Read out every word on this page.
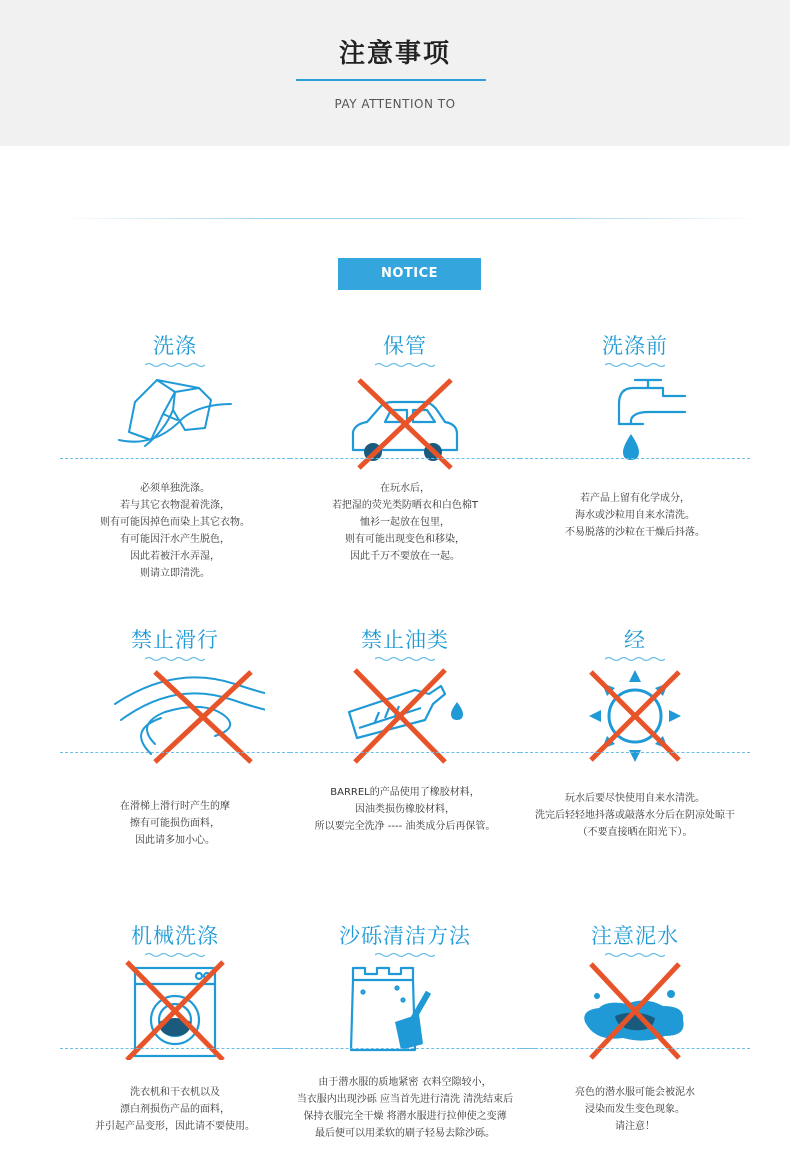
注意事项
PAY ATTENTION TO
NOTICE
洗涤
必须单独洗涤。
若与其它衣物混着洗涤，
则有可能因掉色而染上其它衣物。
有可能因汗水产生脱色，
因此若被汗水弄湿，
则请立即清洗。
保管
在玩水后，
若把湿的荧光类防晒衣和白色棉T
恤衫一起放在包里，
则有可能出现变色和移染，
因此千万不要放在一起。
洗涤前
若产品上留有化学成分，
海水或沙粒用自来水清洗。
不易脱落的沙粒在干燥后抖落。
禁止滑行
在滑梯上滑行时产生的摩
擦有可能损伤面料，
因此请多加小心。
禁止油类
BARREL的产品使用了橡胶材料，
因油类损伤橡胶材料，
所以要完全洗净 ---- 油类成分后再保管。
经
玩水后要尽快使用自来水清洗。
洗完后轻轻地抖落或敲落水分后在阴凉处晾干
（不要直接晒在阳光下）。
机械洗涤
洗衣机和干衣机以及
漂白剂损伤产品的面料，
并引起产品变形，因此请不要使用。
沙砾清洁方法
由于潜水服的质地紧密 衣料空隙较小，
当衣服内出现沙砾 应当首先进行清洗 清洗结束后
保持衣服完全干燥 将潜水服进行拉伸使之变薄
最后便可以用柔软的刷子轻易去除沙砾。
注意泥水
亮色的潜水服可能会被泥水
浸染而发生变色现象。
请注意！
